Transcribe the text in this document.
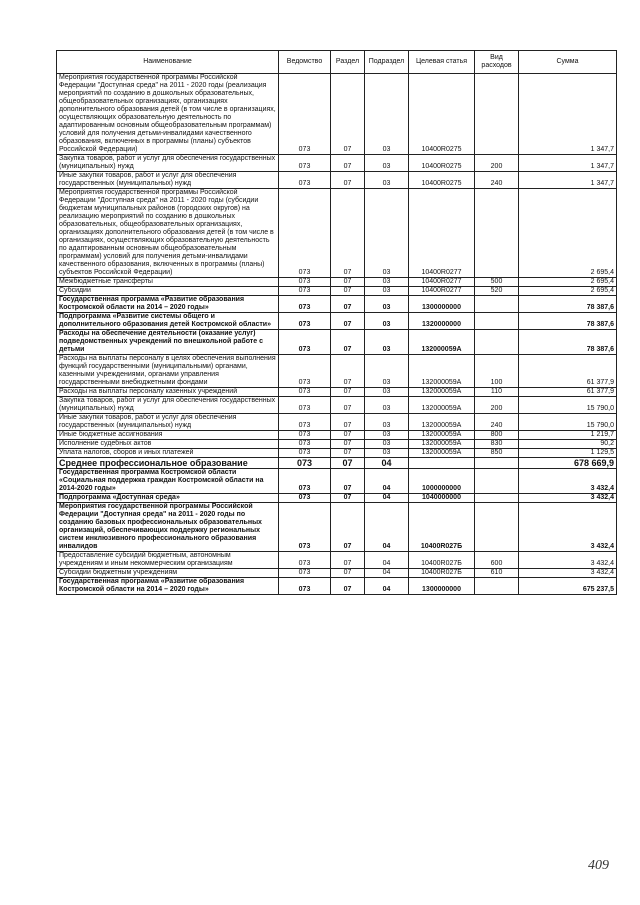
Наименование	Ведомство	Раздел	Подраздел	Целевая статья	Вид расходов	Сумма
Мероприятия государственной программы Российской Федерации "Доступная среда" на 2011 - 2020 годы (реализация мероприятий по созданию в дошкольных образовательных, общеобразовательных организациях, организациях дополнительного образования детей (в том числе в организациях, осуществляющих образовательную деятельность по адаптированным основным общеобразовательным программам) условий для получения детьми-инвалидами качественного образования, включенных в программы (планы) субъектов Российской Федерации)	073	07	03	10400R0275		1 347,7
Закупка товаров, работ и услуг для обеспечения государственных (муниципальных) нужд	073	07	03	10400R0275	200	1 347,7
Иные закупки товаров, работ и услуг для обеспечения государственных (муниципальных) нужд	073	07	03	10400R0275	240	1 347,7
Мероприятия государственной программы Российской Федерации "Доступная среда" на 2011 - 2020 годы (субсидии бюджетам муниципальных районов (городских округов) на реализацию мероприятий по созданию в дошкольных образовательных, общеобразовательных организациях, организациях дополнительного образования детей (в том числе в организациях, осуществляющих образовательную деятельность по адаптированным основным общеобразовательным программам) условий для получения детьми-инвалидами качественного образования, включенных в программы (планы) субъектов Российской Федерации)	073	07	03	10400R0277		2 695,4
Межбюджетные трансферты	073	07	03	10400R0277	500	2 695,4
Субсидии	073	07	03	10400R0277	520	2 695,4
Государственная программа «Развитие образования Костромской области на 2014 – 2020 годы»	073	07	03	1300000000		78 387,6
Подпрограмма «Развитие системы общего и дополнительного образования детей Костромской области»	073	07	03	1320000000		78 387,6
Расходы на обеспечение деятельности (оказание услуг) подведомственных учреждений по внешкольной работе с детьми	073	07	03	132000059А		78 387,6
Расходы на выплаты персоналу в целях обеспечения выполнения функций государственными (муниципальными) органами, казенными учреждениями, органами управления государственными внебюджетными фондами	073	07	03	132000059А	100	61 377,9
Расходы на выплаты персоналу казенных учреждений	073	07	03	132000059А	110	61 377,9
Закупка товаров, работ и услуг для обеспечения государственных (муниципальных) нужд	073	07	03	132000059А	200	15 790,0
Иные закупки товаров, работ и услуг для обеспечения государственных (муниципальных) нужд	073	07	03	132000059А	240	15 790,0
Иные бюджетные ассигнования	073	07	03	132000059А	800	1 219,7
Исполнение судебных актов	073	07	03	132000059А	830	90,2
Уплата налогов, сборов и иных платежей	073	07	03	132000059А	850	1 129,5
Среднее профессиональное образование	073	07	04			678 669,9
Государственная программа Костромской области «Социальная поддержка граждан Костромской области на 2014-2020 годы»	073	07	04	1000000000		3 432,4
Подпрограмма «Доступная среда»	073	07	04	1040000000		3 432,4
Мероприятия государственной программы Российской Федерации "Доступная среда" на 2011 - 2020 годы по созданию базовых профессиональных образовательных организаций, обеспечивающих поддержку региональных систем инклюзивного профессионального образования инвалидов	073	07	04	10400R027Б		3 432,4
Предоставление субсидий бюджетным, автономным учреждениям и иным некоммерческим организациям	073	07	04	10400R027Б	600	3 432,4
Субсидии бюджетным учреждениям	073	07	04	10400R027Б	610	3 432,4
Государственная программа «Развитие образования Костромской области на 2014 – 2020 годы»	073	07	04	1300000000		675 237,5
409
